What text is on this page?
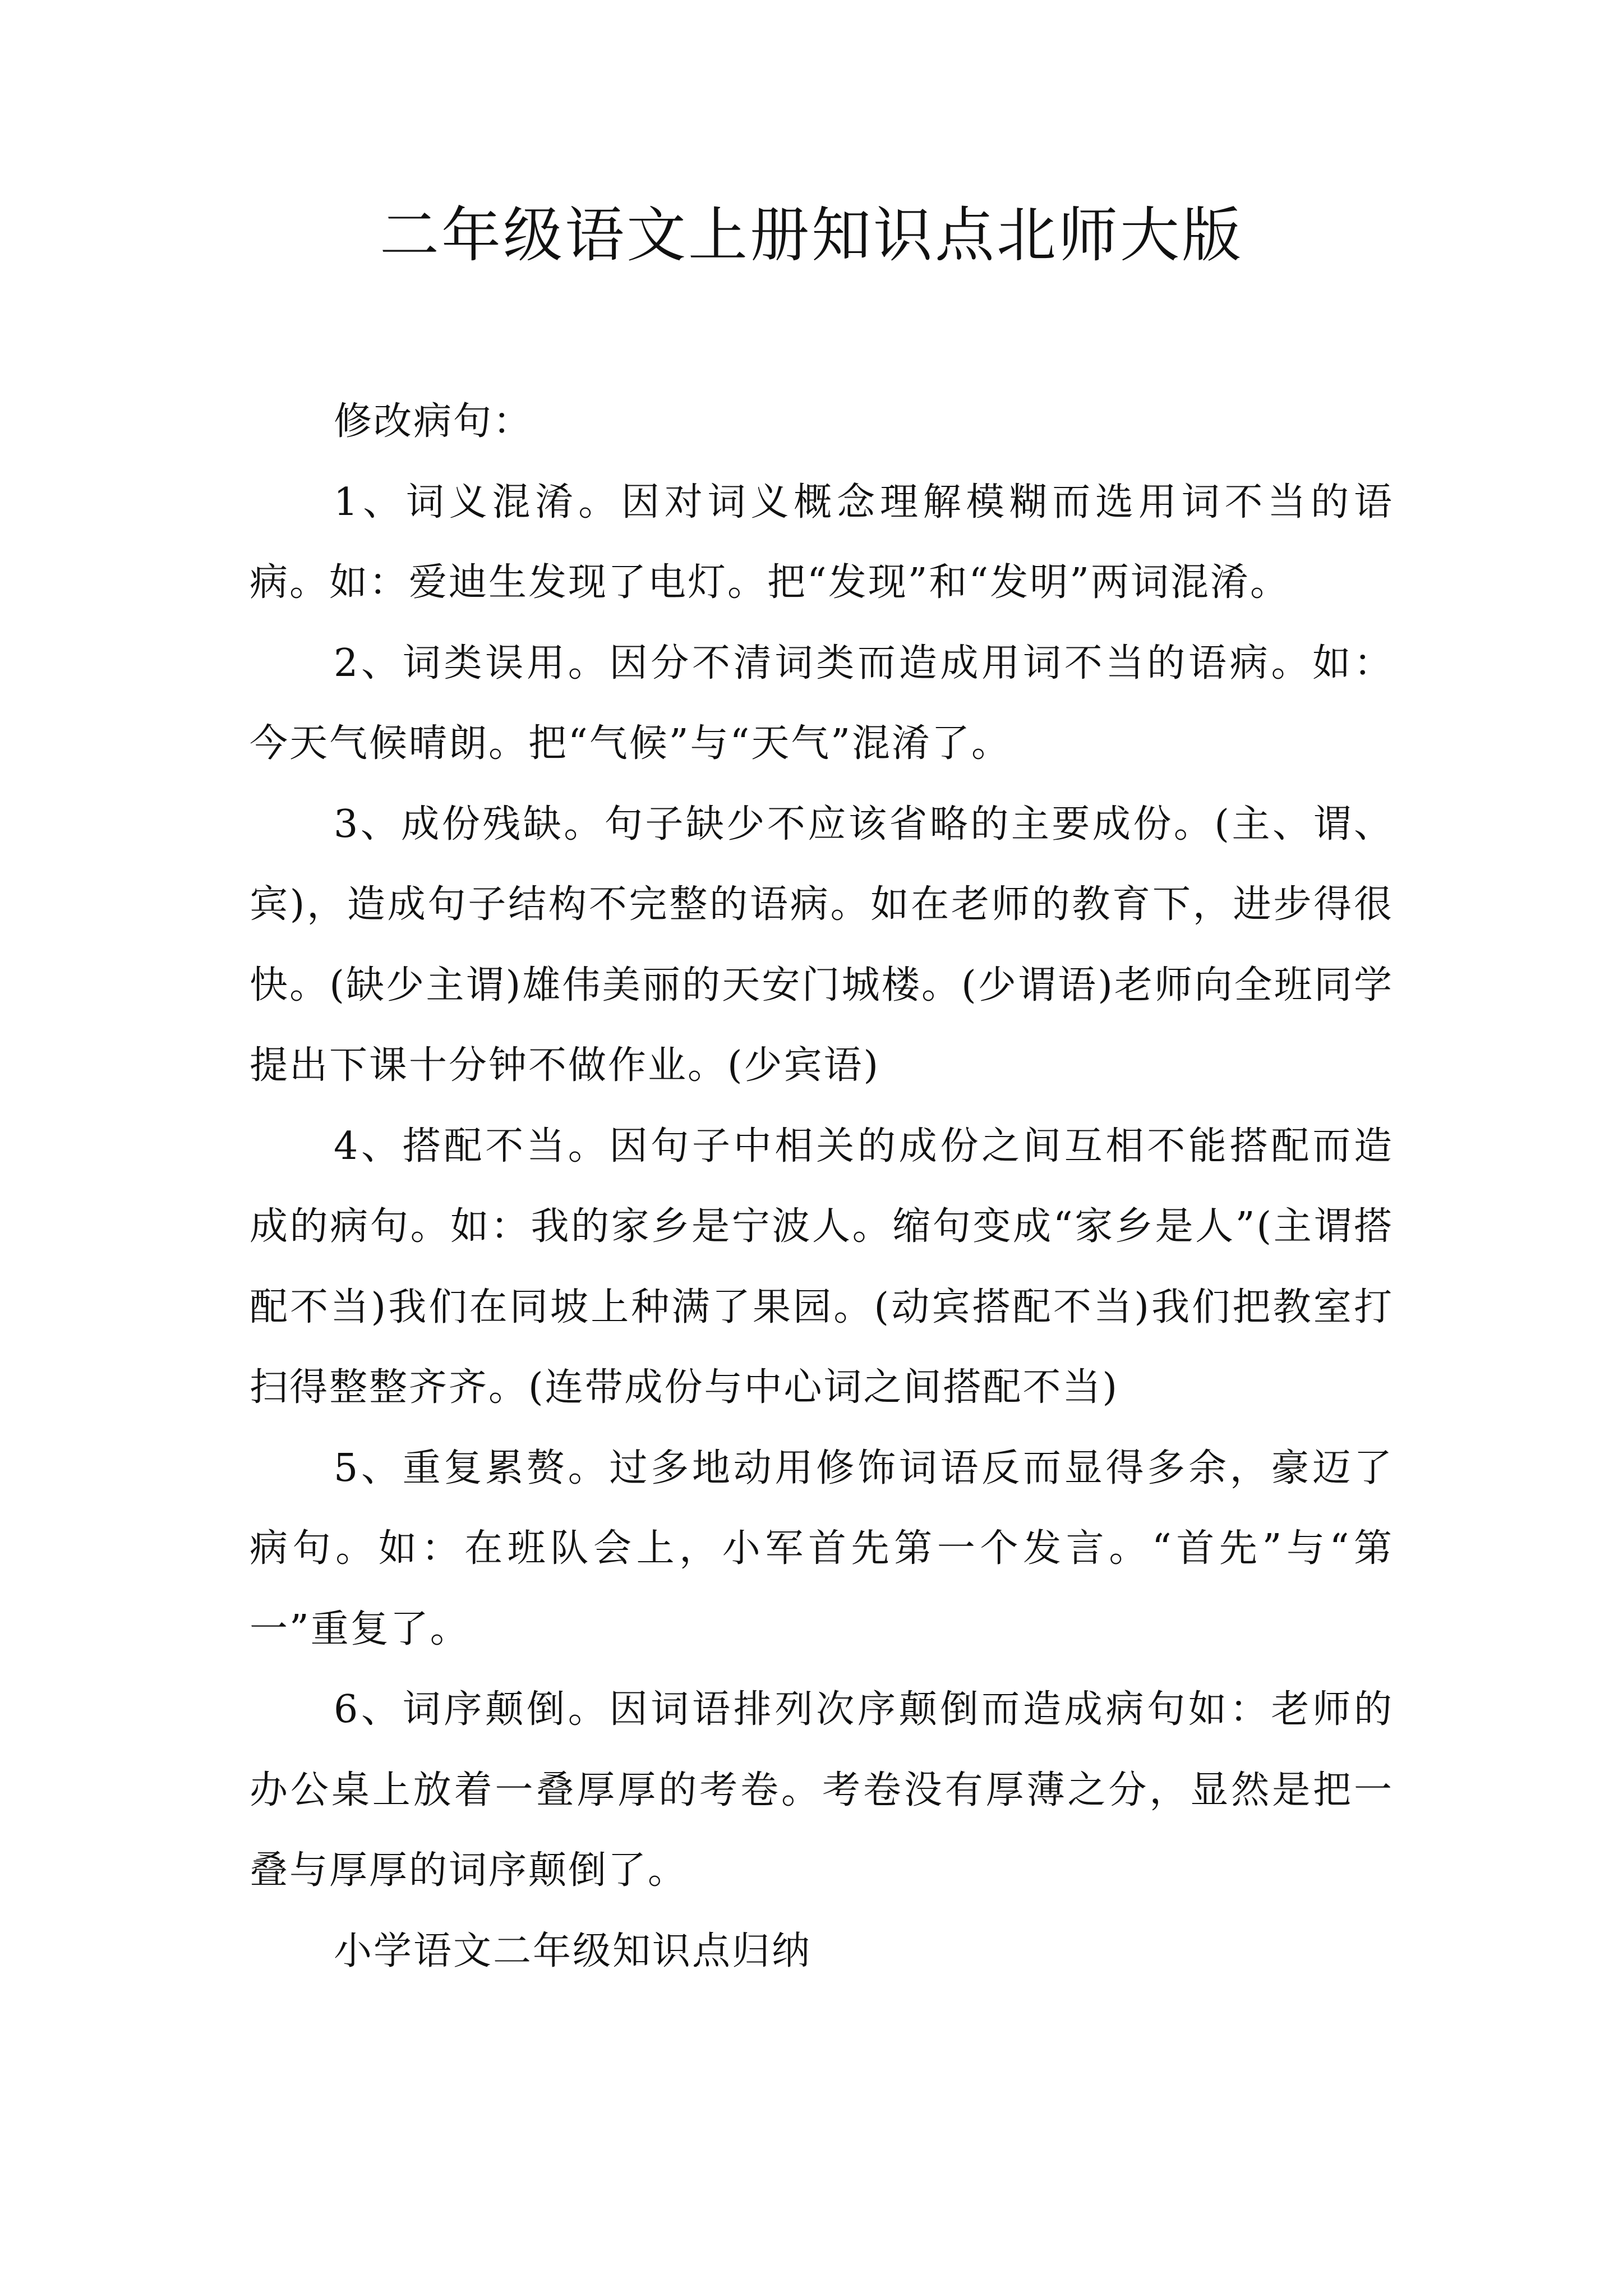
二年级语文上册知识点北师大版

修改病句：

1、词义混淆。因对词义概念理解模糊而选用词不当的语病。如：爱迪生发现了电灯。把“发现”和“发明”两词混淆。

2、词类误用。因分不清词类而造成用词不当的语病。如：今天气候晴朗。把“气候”与“天气”混淆了。

3、成份残缺。句子缺少不应该省略的主要成份。(主、谓、宾)，造成句子结构不完整的语病。如在老师的教育下，进步得很快。(缺少主谓)雄伟美丽的天安门城楼。(少谓语)老师向全班同学提出下课十分钟不做作业。(少宾语)

4、搭配不当。因句子中相关的成份之间互相不能搭配而造成的病句。如：我的家乡是宁波人。缩句变成“家乡是人”(主谓搭配不当)我们在同坡上种满了果园。(动宾搭配不当)我们把教室打扫得整整齐齐。(连带成份与中心词之间搭配不当)

5、重复累赘。过多地动用修饰词语反而显得多余，豪迈了病句。如：在班队会上，小军首先第一个发言。“首先”与“第一”重复了。

6、词序颠倒。因词语排列次序颠倒而造成病句如：老师的办公桌上放着一叠厚厚的考卷。考卷没有厚薄之分，显然是把一叠与厚厚的词序颠倒了。

小学语文二年级知识点归纳
